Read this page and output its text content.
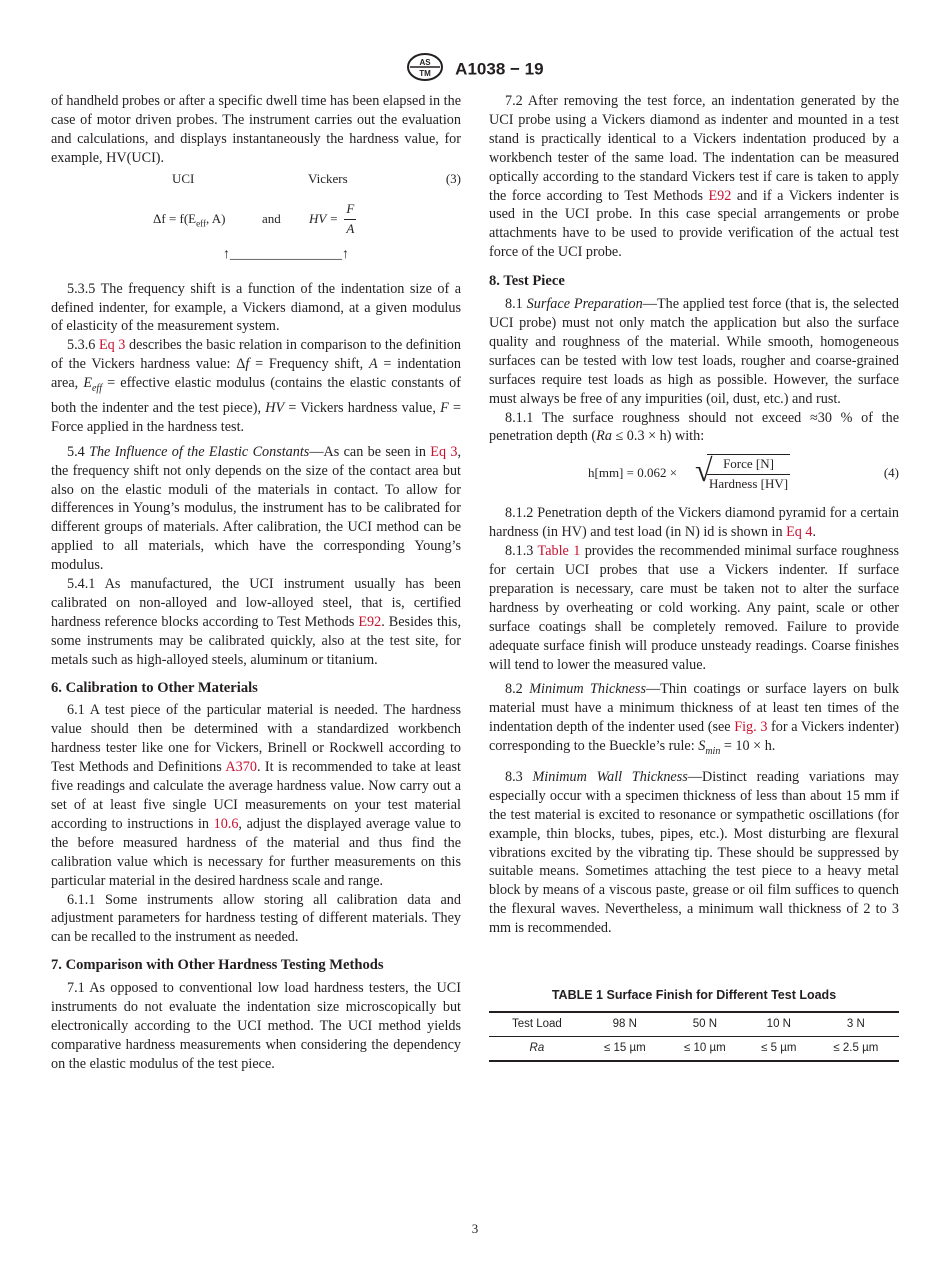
AS
TM A1038 − 19

of handheld probes or after a specific dwell time has been elapsed in the case of motor driven probes. The instrument carries out the evaluation and calculations, and displays instantaneously the hardness value, for example, HV(UCI).

UCI	Vickers	(3)
$\Delta f = f(E_{eff}$, A)	and HV = $\frac{F}{A}$
↑________________↑

5.3.5 The frequency shift is a function of the indentation size of a defined indenter, for example, a Vickers diamond, at a given modulus of elasticity of the measurement system.

5.3.6 Eq 3 describes the basic relation in comparison to the definition of the Vickers hardness value: Δf = Frequency shift, A = indentation area, $E_{eff}$ = effective elastic modulus (contains the elastic constants of both the indenter and the test piece), HV = Vickers hardness value, F = Force applied in the hardness test.

5.4 The Influence of the Elastic Constants—As can be seen in Eq 3, the frequency shift not only depends on the size of the contact area but also on the elastic moduli of the materials in contact. To allow for differences in Young’s modulus, the instrument has to be calibrated for different groups of materials. After calibration, the UCI method can be applied to all materials, which have the corresponding Young’s modulus.

5.4.1 As manufactured, the UCI instrument usually has been calibrated on non-alloyed and low-alloyed steel, that is, certified hardness reference blocks according to Test Methods E92. Besides this, some instruments may be calibrated quickly, also at the test site, for metals such as high-alloyed steels, aluminum or titanium.

6. Calibration to Other Materials

6.1 A test piece of the particular material is needed. The hardness value should then be determined with a standardized workbench hardness tester like one for Vickers, Brinell or Rockwell according to Test Methods and Definitions A370. It is recommended to take at least five readings and calculate the average hardness value. Now carry out a set of at least five single UCI measurements on your test material according to instructions in 10.6, adjust the displayed average value to the before measured hardness of the material and thus find the calibration value which is necessary for further measurements on this particular material in the desired hardness scale and range.

6.1.1 Some instruments allow storing all calibration data and adjustment parameters for hardness testing of different materials. They can be recalled to the instrument as needed.

7. Comparison with Other Hardness Testing Methods

7.1 As opposed to conventional low load hardness testers, the UCI instruments do not evaluate the indentation size microscopically but electronically according to the UCI method. The UCI method yields comparative hardness measurements when considering the dependency on the elastic modulus of the test piece.

7.2 After removing the test force, an indentation generated by the UCI probe using a Vickers diamond as indenter and mounted in a test stand is practically identical to a Vickers indentation produced by a workbench tester of the same load. The indentation can be measured optically according to the standard Vickers test if care is taken to apply the force according to Test Methods E92 and if a Vickers indenter is used in the UCI probe. In this case special arrangements or probe attachments have to be used to provide verification of the actual test force of the UCI probe.

8. Test Piece

8.1 Surface Preparation—The applied test force (that is, the selected UCI probe) must not only match the application but also the surface quality and roughness of the material. While smooth, homogeneous surfaces can be tested with low test loads, rougher and coarse-grained surfaces require test loads as high as possible. However, the surface must always be free of any impurities (oil, dust, etc.) and rust.

8.1.1 The surface roughness should not exceed ≈30 % of the penetration depth (Ra ≤ 0.3 × h) with:

h[mm] = 0.062 × √
$\frac{\text{Force [N]}}{\text{Hardness [HV]}}$	(4)

8.1.2 Penetration depth of the Vickers diamond pyramid for a certain hardness (in HV) and test load (in N) id is shown in Eq 4.

8.1.3 Table 1 provides the recommended minimal surface roughness for certain UCI probes that use a Vickers indenter. If surface preparation is necessary, care must be taken not to alter the surface hardness by overheating or cold working. Any paint, scale or other surface coatings shall be completely removed. Failure to provide adequate surface finish will produce unsteady readings. Coarse finishes will tend to lower the measured value.

8.2 Minimum Thickness—Thin coatings or surface layers on bulk material must have a minimum thickness of at least ten times of the indentation depth of the indenter used (see Fig. 3 for a Vickers indenter) corresponding to the Bueckle’s rule: $S_{min} = 10 \times h$.

8.3 Minimum Wall Thickness—Distinct reading variations may especially occur with a specimen thickness of less than about 15 mm if the test material is excited to resonance or sympathetic oscillations (for example, thin blocks, tubes, pipes, etc.). Most disturbing are flexural vibrations excited by the vibrating tip. These should be suppressed by suitable means. Sometimes attaching the test piece to a heavy metal block by means of a viscous paste, grease or oil film suffices to quench the flexural waves. Nevertheless, a minimum wall thickness of 2 to 3 mm is recommended.

TABLE 1 Surface Finish for Different Test Loads
Test Load	98 N	50 N	10 N	3 N
Ra	≤ 15 µm	≤ 10 µm	≤ 5 µm	≤ 2.5 µm
3
